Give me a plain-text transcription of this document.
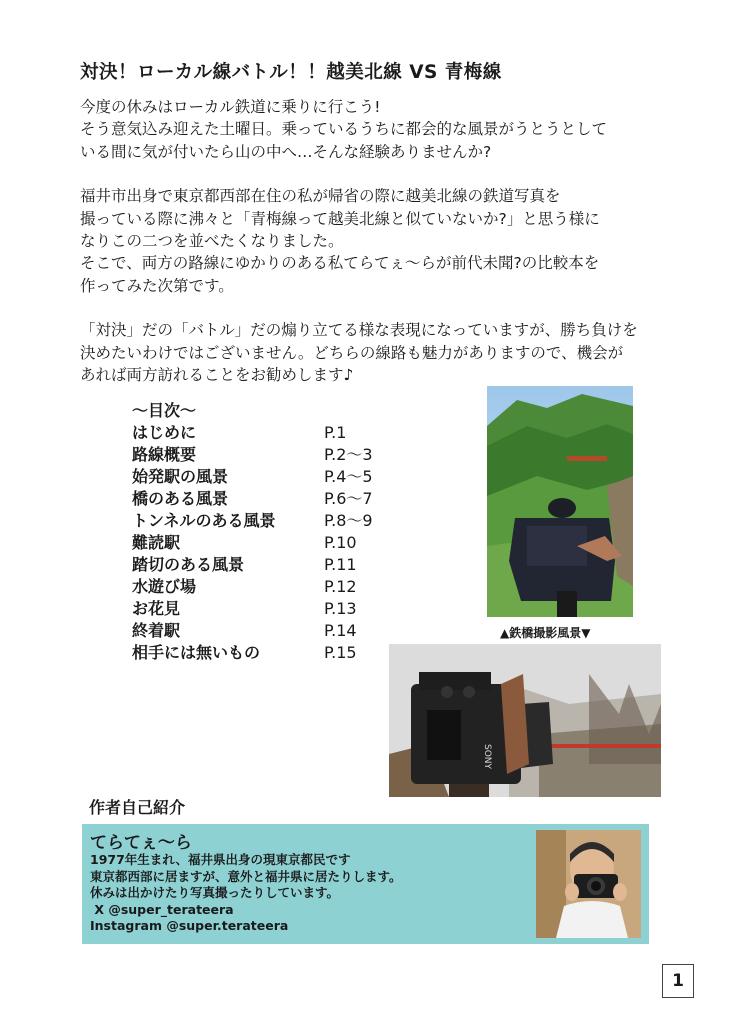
対決！ローカル線バトル！！越美北線 VS 青梅線

今度の休みはローカル鉄道に乗りに行こう!
そう意気込み迎えた土曜日。乗っているうちに都会的な風景がうとうとして
いる間に気が付いたら山の中へ…そんな経験ありませんか?

福井市出身で東京都西部在住の私が帰省の際に越美北線の鉄道写真を
撮っている際に沸々と「青梅線って越美北線と似ていないか?」と思う様に
なりこの二つを並べたくなりました。
そこで、両方の路線にゆかりのある私てらてぇ〜らが前代未聞?の比較本を
作ってみた次第です。

「対決」だの「バトル」だの煽り立てる様な表現になっていますが、勝ち負けを
決めたいわけではございません。どちらの線路も魅力がありますので、機会が
あれば両方訪れることをお勧めします♪

〜目次〜
はじめに	P.1
路線概要	P.2〜3
始発駅の風景	P.4〜5
橋のある風景	P.6〜7
トンネルのある風景	P.8〜9
難読駅	P.10
踏切のある風景	P.11
水遊び場	P.12
お花見	P.13
終着駅	P.14
相手には無いもの	P.15
▲鉄橋撮影風景▼
SONY
作者自己紹介
てらてぇ〜ら
1977年生まれ、福井県出身の現東京都民です
東京都西部に居ますが、意外と福井県に居たりします。
休みは出かけたり写真撮ったりしています。
X @super_terateera
Instagram @super.terateera
1
